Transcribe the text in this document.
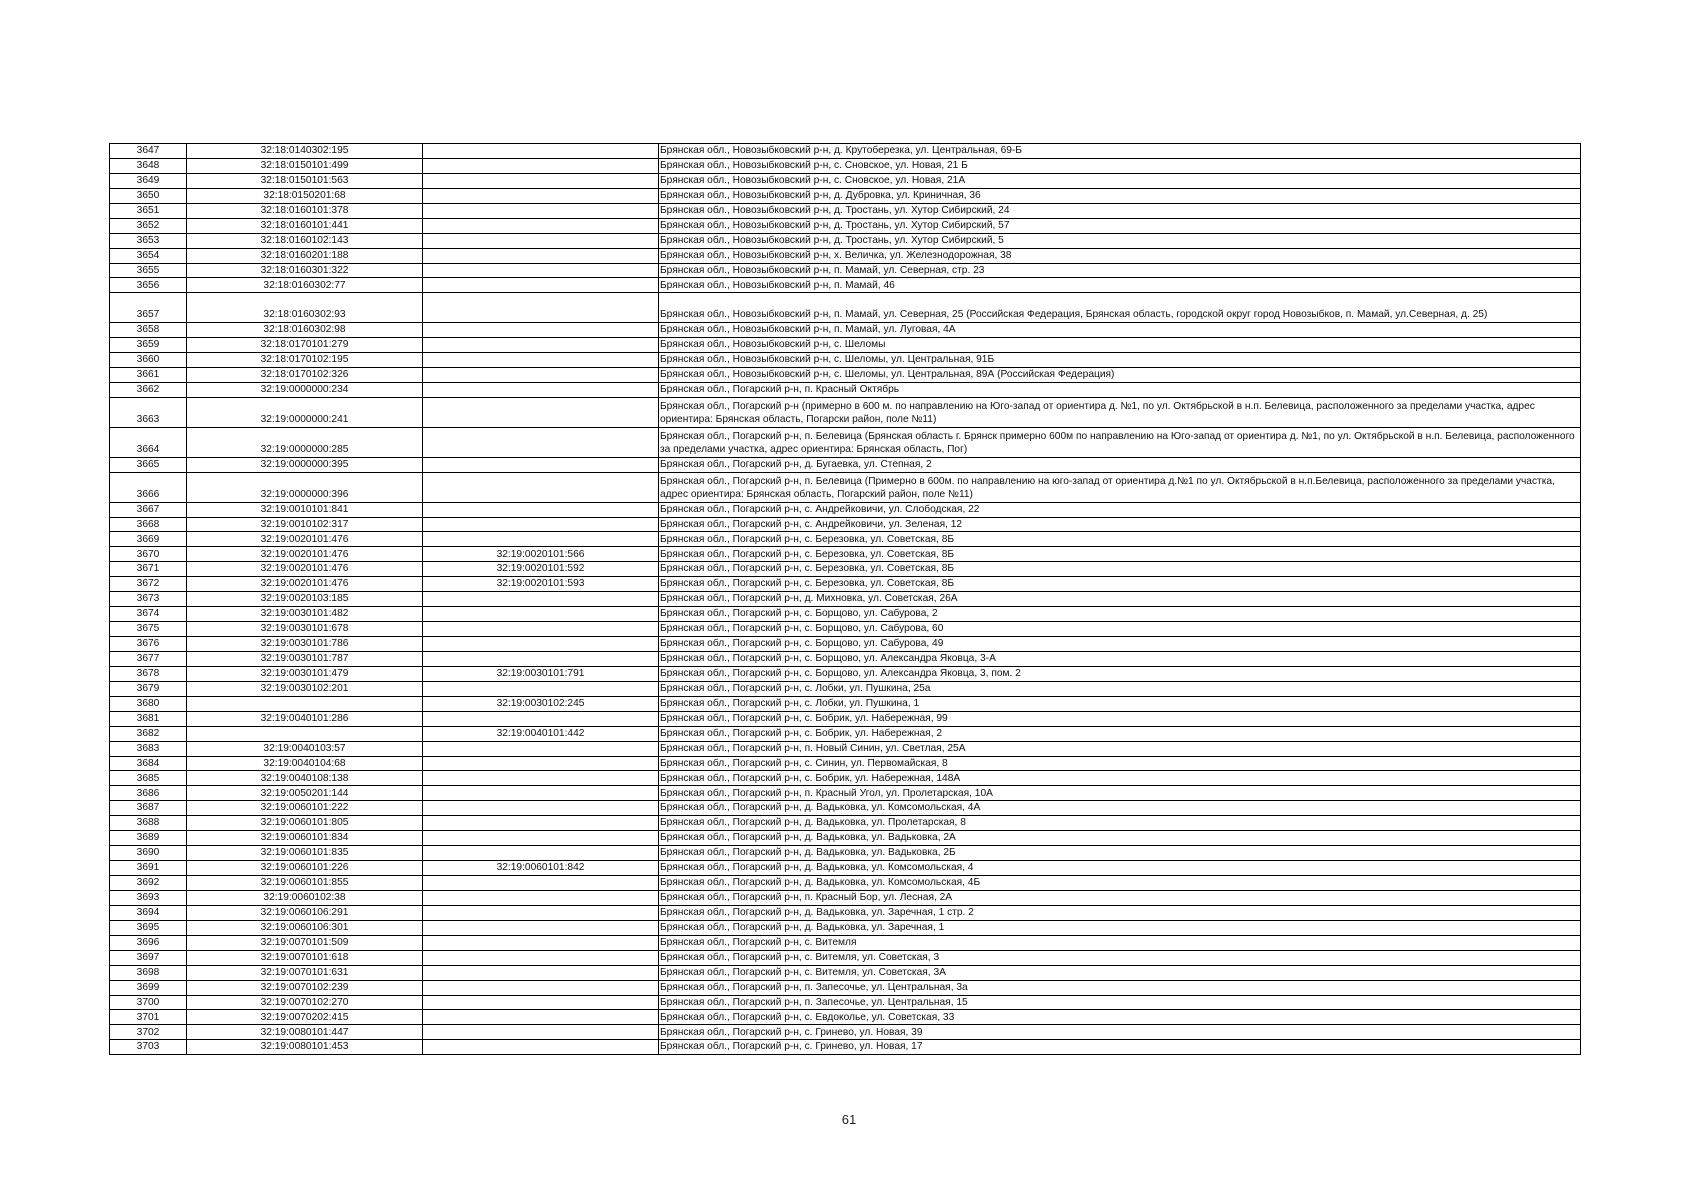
3647	32:18:0140302:195		Брянская обл., Новозыбковский р-н, д. Крутоберезка, ул. Центральная, 69-Б
3648	32:18:0150101:499		Брянская обл., Новозыбковский р-н, с. Сновское, ул. Новая, 21 Б
3649	32:18:0150101:563		Брянская обл., Новозыбковский р-н, с. Сновское, ул. Новая, 21А
3650	32:18:0150201:68		Брянская обл., Новозыбковский р-н, д. Дубровка, ул. Криничная, 36
3651	32:18:0160101:378		Брянская обл., Новозыбковский р-н, д. Тростань, ул. Хутор Сибирский, 24
3652	32:18:0160101:441		Брянская обл., Новозыбковский р-н, д. Тростань, ул. Хутор Сибирский, 57
3653	32:18:0160102:143		Брянская обл., Новозыбковский р-н, д. Тростань, ул. Хутор Сибирский, 5
3654	32:18:0160201:188		Брянская обл., Новозыбковский р-н, х. Величка, ул. Железнодорожная, 38
3655	32:18:0160301:322		Брянская обл., Новозыбковский р-н, п. Мамай, ул. Северная, стр. 23
3656	32:18:0160302:77		Брянская обл., Новозыбковский р-н, п. Мамай, 46
3657	32:18:0160302:93		Брянская обл., Новозыбковский р-н, п. Мамай, ул. Северная, 25 (Российская Федерация, Брянская область, городской округ город Новозыбков, п. Мамай, ул.Северная, д. 25)
3658	32:18:0160302:98		Брянская обл., Новозыбковский р-н, п. Мамай, ул. Луговая, 4А
3659	32:18:0170101:279		Брянская обл., Новозыбковский р-н, с. Шеломы
3660	32:18:0170102:195		Брянская обл., Новозыбковский р-н, с. Шеломы, ул. Центральная, 91Б
3661	32:18:0170102:326		Брянская обл., Новозыбковский р-н, с. Шеломы, ул. Центральная, 89А (Российская Федерация)
3662	32:19:0000000:234		Брянская обл., Погарский р-н, п. Красный Октябрь
3663	32:19:0000000:241		Брянская обл., Погарский р-н (примерно в 600 м. по направлению на Юго-запад от ориентира д. №1, по ул. Октябрьской в н.п. Белевица, расположенного за пределами участка, адрес ориентира: Брянская область, Погарски район, поле №11)
3664	32:19:0000000:285		Брянская обл., Погарский р-н, п. Белевица (Брянская область г. Брянск примерно 600м по направлению на Юго-запад от ориентира д. №1, по ул. Октябрьской в н.п. Белевица, расположенного за пределами участка, адрес ориентира: Брянская область, Пог)
3665	32:19:0000000:395		Брянская обл., Погарский р-н, д. Бугаевка, ул. Степная, 2
3666	32:19:0000000:396		Брянская обл., Погарский р-н, п. Белевица (Примерно в 600м. по направлению на юго-запад от ориентира д.№1 по ул. Октябрьской в н.п.Белевица, расположенного за пределами участка, адрес ориентира: Брянская область, Погарский район, поле №11)
3667	32:19:0010101:841		Брянская обл., Погарский р-н, с. Андрейковичи, ул. Слободская, 22
3668	32:19:0010102:317		Брянская обл., Погарский р-н, с. Андрейковичи, ул. Зеленая, 12
3669	32:19:0020101:476		Брянская обл., Погарский р-н, с. Березовка, ул. Советская, 8Б
3670	32:19:0020101:476	32:19:0020101:566	Брянская обл., Погарский р-н, с. Березовка, ул. Советская, 8Б
3671	32:19:0020101:476	32:19:0020101:592	Брянская обл., Погарский р-н, с. Березовка, ул. Советская, 8Б
3672	32:19:0020101:476	32:19:0020101:593	Брянская обл., Погарский р-н, с. Березовка, ул. Советская, 8Б
3673	32:19:0020103:185		Брянская обл., Погарский р-н, д. Михновка, ул. Советская, 26А
3674	32:19:0030101:482		Брянская обл., Погарский р-н, с. Борщово, ул. Сабурова, 2
3675	32:19:0030101:678		Брянская обл., Погарский р-н, с. Борщово, ул. Сабурова, 60
3676	32:19:0030101:786		Брянская обл., Погарский р-н, с. Борщово, ул. Сабурова, 49
3677	32:19:0030101:787		Брянская обл., Погарский р-н, с. Борщово, ул. Александра Яковца, 3-А
3678	32:19:0030101:479	32:19:0030101:791	Брянская обл., Погарский р-н, с. Борщово, ул. Александра Яковца, 3, пом. 2
3679	32:19:0030102:201		Брянская обл., Погарский р-н, с. Лобки, ул. Пушкина, 25а
3680		32:19:0030102:245	Брянская обл., Погарский р-н, с. Лобки, ул. Пушкина, 1
3681	32:19:0040101:286		Брянская обл., Погарский р-н, с. Бобрик, ул. Набережная, 99
3682		32:19:0040101:442	Брянская обл., Погарский р-н, с. Бобрик, ул. Набережная, 2
3683	32:19:0040103:57		Брянская обл., Погарский р-н, п. Новый Синин, ул. Светлая, 25А
3684	32:19:0040104:68		Брянская обл., Погарский р-н, с. Синин, ул. Первомайская, 8
3685	32:19:0040108:138		Брянская обл., Погарский р-н, с. Бобрик, ул. Набережная, 148А
3686	32:19:0050201:144		Брянская обл., Погарский р-н, п. Красный Угол, ул. Пролетарская, 10А
3687	32:19:0060101:222		Брянская обл., Погарский р-н, д. Вадьковка, ул. Комсомольская, 4А
3688	32:19:0060101:805		Брянская обл., Погарский р-н, д. Вадьковка, ул. Пролетарская, 8
3689	32:19:0060101:834		Брянская обл., Погарский р-н, д. Вадьковка, ул. Вадьковка, 2А
3690	32:19:0060101:835		Брянская обл., Погарский р-н, д. Вадьковка, ул. Вадьковка, 2Б
3691	32:19:0060101:226	32:19:0060101:842	Брянская обл., Погарский р-н, д. Вадьковка, ул. Комсомольская, 4
3692	32:19:0060101:855		Брянская обл., Погарский р-н, д. Вадьковка, ул. Комсомольская, 4Б
3693	32:19:0060102:38		Брянская обл., Погарский р-н, п. Красный Бор, ул. Лесная, 2А
3694	32:19:0060106:291		Брянская обл., Погарский р-н, д. Вадьковка, ул. Заречная, 1 стр. 2
3695	32:19:0060106:301		Брянская обл., Погарский р-н, д. Вадьковка, ул. Заречная, 1
3696	32:19:0070101:509		Брянская обл., Погарский р-н, с. Витемля
3697	32:19:0070101:618		Брянская обл., Погарский р-н, с. Витемля, ул. Советская, 3
3698	32:19:0070101:631		Брянская обл., Погарский р-н, с. Витемля, ул. Советская, 3А
3699	32:19:0070102:239		Брянская обл., Погарский р-н, п. Запесочье, ул. Центральная, 3а
3700	32:19:0070102:270		Брянская обл., Погарский р-н, п. Запесочье, ул. Центральная, 15
3701	32:19:0070202:415		Брянская обл., Погарский р-н, с. Евдоколье, ул. Советская, 33
3702	32:19:0080101:447		Брянская обл., Погарский р-н, с. Гринево, ул. Новая, 39
3703	32:19:0080101:453		Брянская обл., Погарский р-н, с. Гринево, ул. Новая, 17
61
